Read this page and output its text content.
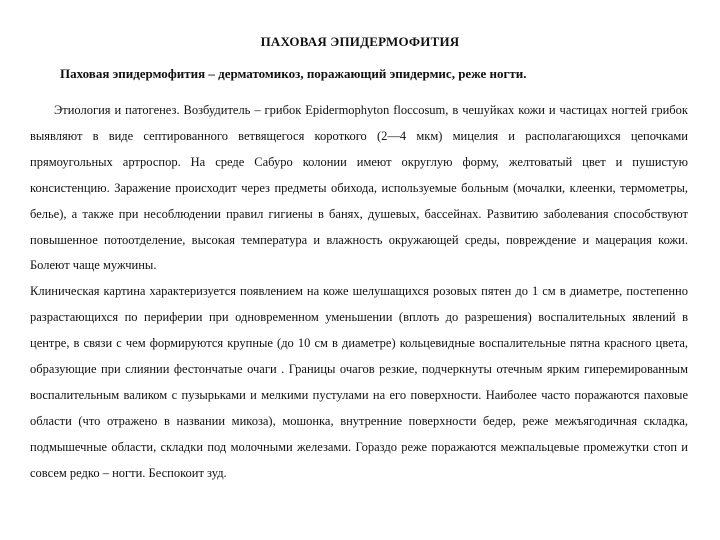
ПАХОВАЯ ЭПИДЕРМОФИТИЯ

Паховая эпидермофития – дерматомикоз, поражающий эпидермис, реже ногти.

Этиология и патогенез. Возбудитель – грибок Epidermophyton floccosum, в чешуйках кожи и частицах ногтей грибок выявляют в виде септированного ветвящегося короткого (2—4 мкм) мицелия и располагающихся цепочками прямоугольных артроспор. На среде Сабуро колонии имеют округлую форму, желтоватый цвет и пушистую консистенцию. Заражение происходит через предметы обихода, используемые больным (мочалки, клеенки, термометры, белье), а также при несоблюдении правил гигиены в банях, душевых, бассейнах. Развитию заболевания способствуют повышенное потоотделение, высокая температура и влажность окружающей среды, повреждение и мацерация кожи. Болеют чаще мужчины.

Клиническая картина характеризуется появлением на коже шелушащихся розовых пятен до 1 см в диаметре, постепенно разрастающихся по периферии при одновременном уменьшении (вплоть до разрешения) воспалительных явлений в центре, в связи с чем формируются крупные (до 10 см в диаметре) кольцевидные воспалительные пятна красного цвета, образующие при слиянии фестончатые очаги . Границы очагов резкие, подчеркнуты отечным ярким гиперемированным воспалительным валиком с пузырьками и мелкими пустулами на его поверхности. Наиболее часто поражаются паховые области (что отражено в названии микоза), мошонка, внутренние поверхности бедер, реже межъягодичная складка, подмышечные области, складки под молочными железами. Гораздо реже поражаются межпальцевые промежутки стоп и совсем редко – ногти. Беспокоит зуд.
